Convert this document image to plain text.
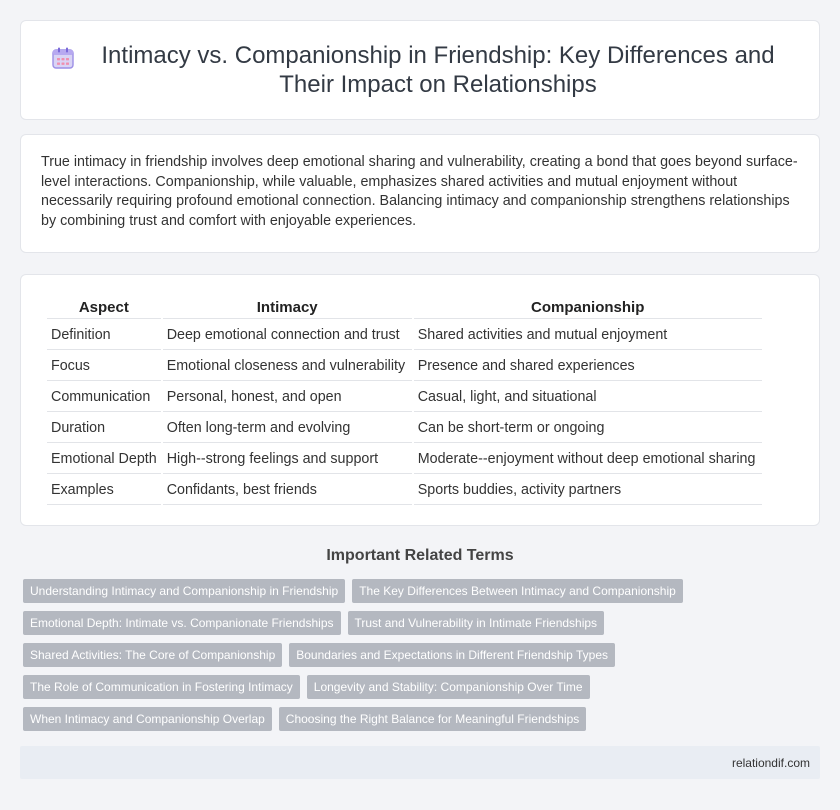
Intimacy vs. Companionship in Friendship: Key Differences and Their Impact on Relationships

True intimacy in friendship involves deep emotional sharing and vulnerability, creating a bond that goes beyond surface-level interactions. Companionship, while valuable, emphasizes shared activities and mutual enjoyment without necessarily requiring profound emotional connection. Balancing intimacy and companionship strengthens relationships by combining trust and comfort with enjoyable experiences.

Aspect	Intimacy	Companionship
Definition	Deep emotional connection and trust	Shared activities and mutual enjoyment
Focus	Emotional closeness and vulnerability	Presence and shared experiences
Communication	Personal, honest, and open	Casual, light, and situational
Duration	Often long-term and evolving	Can be short-term or ongoing
Emotional Depth	High--strong feelings and support	Moderate--enjoyment without deep emotional sharing
Examples	Confidants, best friends	Sports buddies, activity partners
Important Related Terms
Understanding Intimacy and Companionship in Friendship	The Key Differences Between Intimacy and Companionship
Emotional Depth: Intimate vs. Companionate Friendships	Trust and Vulnerability in Intimate Friendships
Shared Activities: The Core of Companionship	Boundaries and Expectations in Different Friendship Types
The Role of Communication in Fostering Intimacy	Longevity and Stability: Companionship Over Time
When Intimacy and Companionship Overlap	Choosing the Right Balance for Meaningful Friendships
relationdif.com
